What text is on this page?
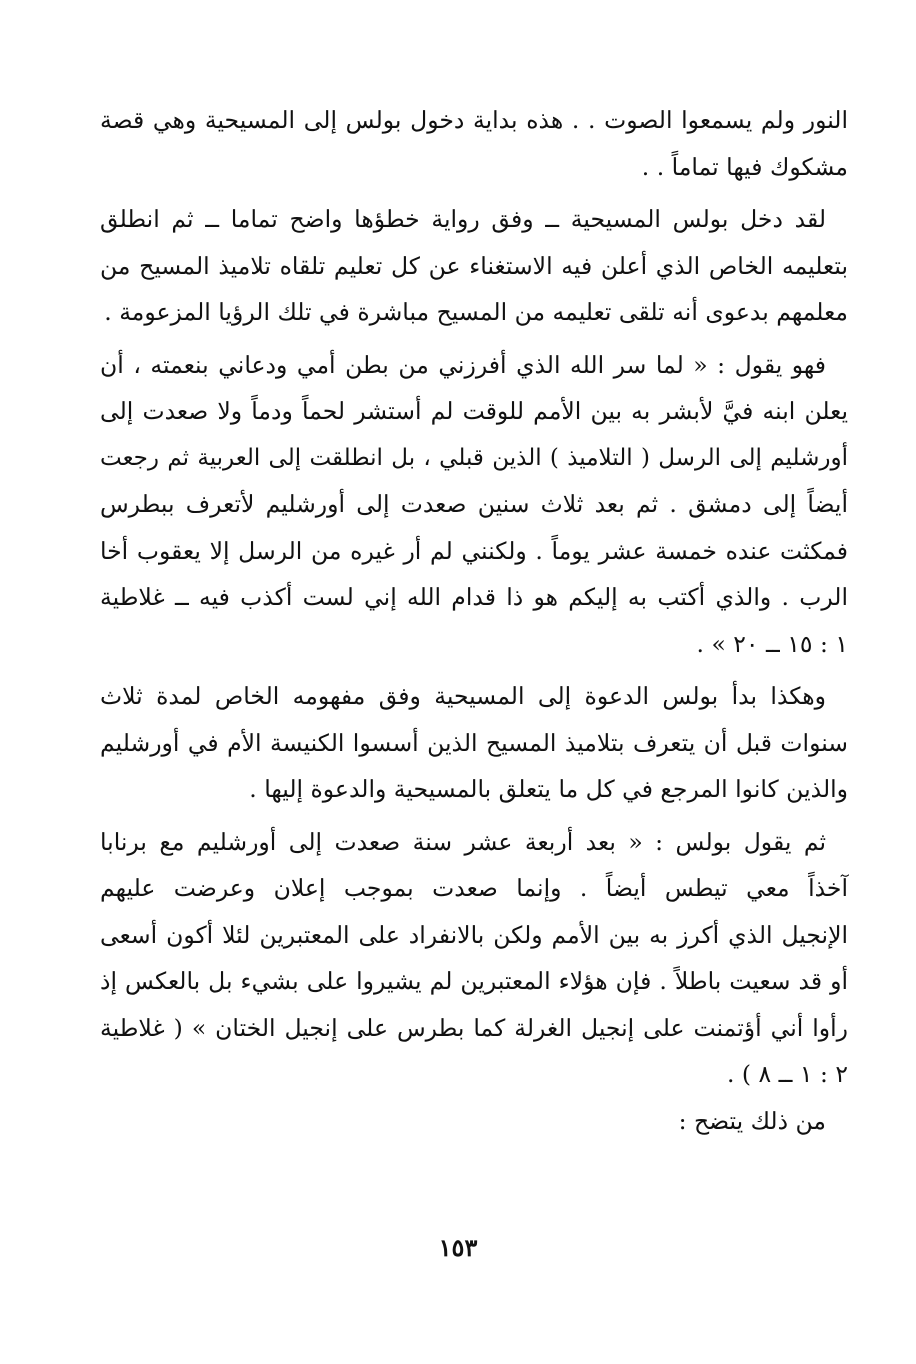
النور ولم يسمعوا الصوت . . هذه بداية دخول بولس إلى المسيحية وهي قصة
مشكوك فيها تماماً . .
لقد دخل بولس المسيحية ــ وفق رواية خطؤها واضح تماما ــ ثم انطلق
بتعليمه الخاص الذي أعلن فيه الاستغناء عن كل تعليم تلقاه تلاميذ المسيح من
معلمهم بدعوى أنه تلقى تعليمه من المسيح مباشرة في تلك الرؤيا المزعومة .
فهو يقول : « لما سر الله الذي أفرزني من بطن أمي ودعاني بنعمته ، أن
يعلن ابنه فيَّ لأبشر به بين الأمم للوقت لم أستشر لحماً ودماً ولا صعدت إلى
أورشليم إلى الرسل ( التلاميذ ) الذين قبلي ، بل انطلقت إلى العربية ثم رجعت
أيضاً إلى دمشق . ثم بعد ثلاث سنين صعدت إلى أورشليم لأتعرف ببطرس
فمكثت عنده خمسة عشر يوماً . ولكنني لم أر غيره من الرسل إلا يعقوب أخا
الرب . والذي أكتب به إليكم هو ذا قدام الله إني لست أكذب فيه ــ غلاطية
١ : ١٥ ــ ٢٠ » .
وهكذا بدأ بولس الدعوة إلى المسيحية وفق مفهومه الخاص لمدة ثلاث
سنوات قبل أن يتعرف بتلاميذ المسيح الذين أسسوا الكنيسة الأم في أورشليم
والذين كانوا المرجع في كل ما يتعلق بالمسيحية والدعوة إليها .
ثم يقول بولس : « بعد أربعة عشر سنة صعدت إلى أورشليم مع برنابا
آخذاً معي تيطس أيضاً . وإنما صعدت بموجب إعلان وعرضت عليهم
الإنجيل الذي أكرز به بين الأمم ولكن بالانفراد على المعتبرين لئلا أكون أسعى
أو قد سعيت باطلاً . فإن هؤلاء المعتبرين لم يشيروا على بشيء بل بالعكس إذ
رأوا أني أؤتمنت على إنجيل الغرلة كما بطرس على إنجيل الختان » ( غلاطية
٢ : ١ ــ ٨ ) .
من ذلك يتضح :
١٥٣
